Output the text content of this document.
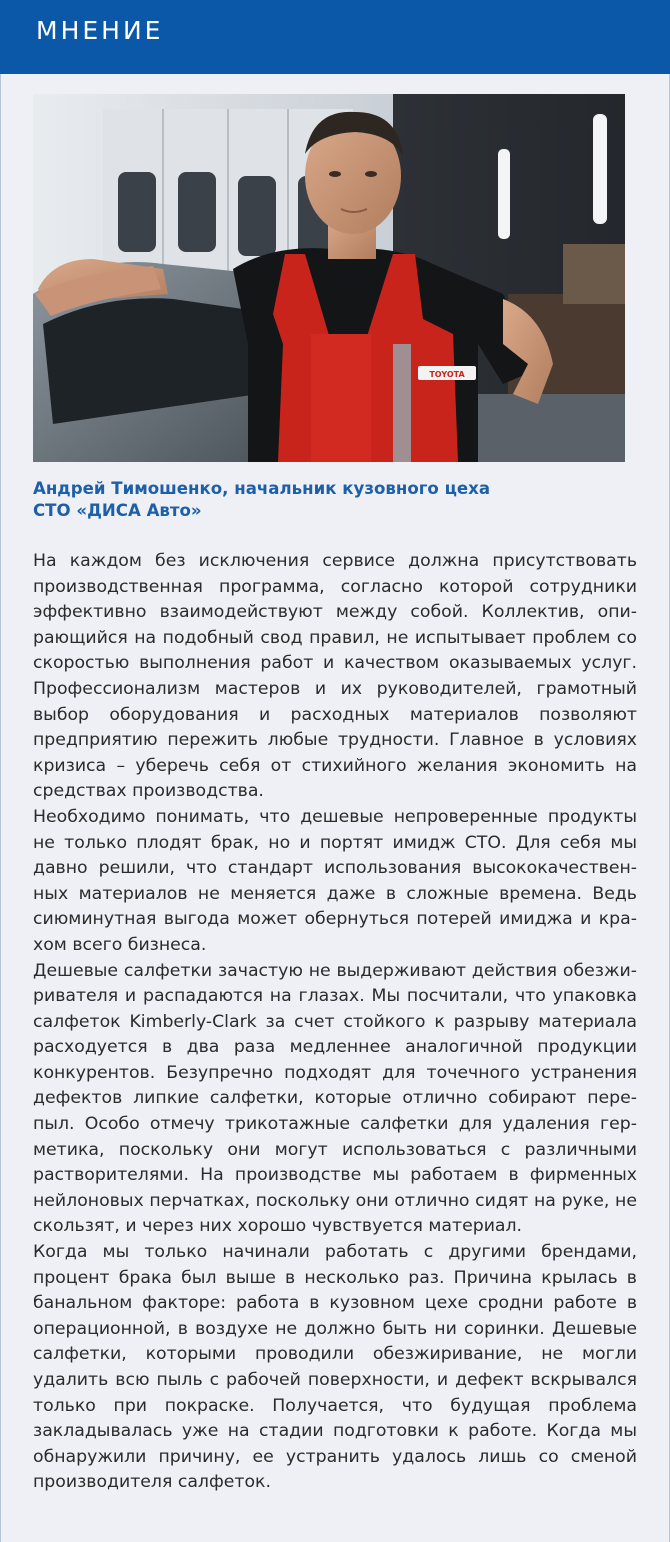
МНЕНИЕ
TOYOTA
Андрей Тимошенко, начальник кузовного цеха
СТО «ДИСА Авто»

На каждом без исключения сервисе должна присутствовать производственная программа, согласно которой сотрудники эффективно взаимодействуют между собой. Коллектив, опирающийся на подобный свод правил, не испытывает проблем со скоростью выполнения работ и качеством оказываемых услуг. Профессионализм мастеров и их руководителей, грамотный выбор оборудования и расходных материалов позволяют предприятию пережить любые трудности. Главное в условиях кризиса – уберечь себя от стихийного желания экономить на средствах производства.

Необходимо понимать, что дешевые непроверенные продукты не только плодят брак, но и портят имидж СТО. Для себя мы давно решили, что стандарт использования высококачественных материалов не меняется даже в сложные времена. Ведь сиюминутная выгода может обернуться потерей имиджа и крахом всего бизнеса.

Дешевые салфетки зачастую не выдерживают действия обезжиривателя и распадаются на глазах. Мы посчитали, что упаковка салфеток Kimberly-Clark за счет стойкого к разрыву материала расходуется в два раза медленнее аналогичной продукции конкурентов. Безупречно подходят для точечного устранения дефектов липкие салфетки, которые отлично собирают перепыл. Особо отмечу трикотажные салфетки для удаления герметика, поскольку они могут использоваться с различными растворителями. На производстве мы работаем в фирменных нейлоновых перчатках, поскольку они отлично сидят на руке, не скользят, и через них хорошо чувствуется материал.

Когда мы только начинали работать с другими брендами, процент брака был выше в несколько раз. Причина крылась в банальном факторе: работа в кузовном цехе сродни работе в операционной, в воздухе не должно быть ни соринки. Дешевые салфетки, которыми проводили обезжиривание, не могли удалить всю пыль с рабочей поверхности, и дефект вскрывался только при покраске. Получается, что будущая проблема закладывалась уже на стадии подготовки к работе. Когда мы обнаружили причину, ее устранить удалось лишь со сменой производителя салфеток.
